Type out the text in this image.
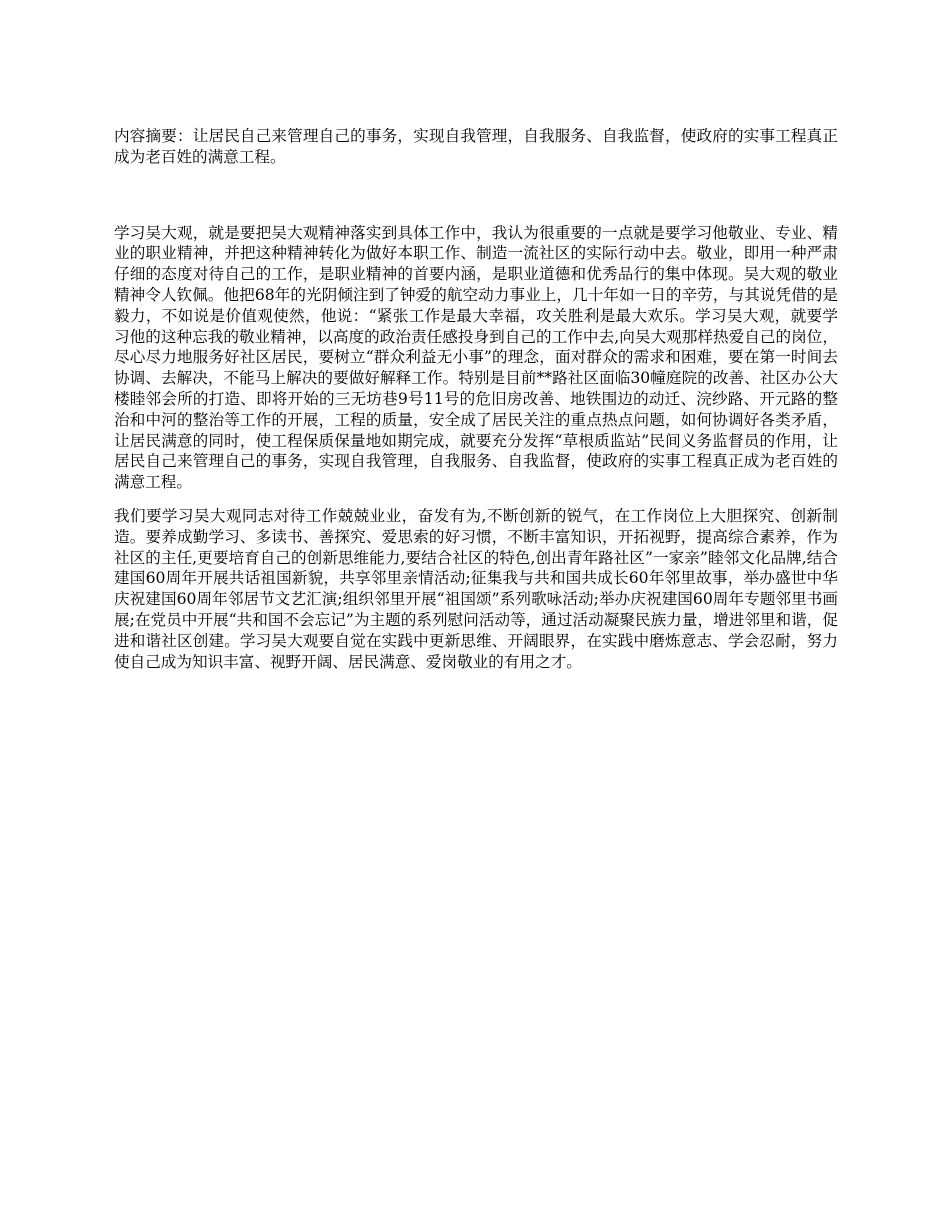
内容摘要：让居民自己来管理自己的事务，实现自我管理，自我服务、自我监督，使政府的实事工程真正成为老百姓的满意工程。

学习吴大观，就是要把吴大观精神落实到具体工作中，我认为很重要的一点就是要学习他敬业、专业、精业的职业精神，并把这种精神转化为做好本职工作、制造一流社区的实际行动中去。敬业，即用一种严肃仔细的态度对待自己的工作，是职业精神的首要内涵，是职业道德和优秀品行的集中体现。吴大观的敬业精神令人钦佩。他把68年的光阴倾注到了钟爱的航空动力事业上，几十年如一日的辛劳，与其说凭借的是毅力，不如说是价值观使然，他说：“紧张工作是最大幸福，攻关胜利是最大欢乐。学习吴大观，就要学习他的这种忘我的敬业精神，以高度的政治责任感投身到自己的工作中去,向吴大观那样热爱自己的岗位，尽心尽力地服务好社区居民，要树立“群众利益无小事”的理念，面对群众的需求和困难，要在第一时间去协调、去解决，不能马上解决的要做好解释工作。特别是目前**路社区面临30幢庭院的改善、社区办公大楼睦邻会所的打造、即将开始的三无坊巷9号11号的危旧房改善、地铁围边的动迁、浣纱路、开元路的整治和中河的整治等工作的开展，工程的质量，安全成了居民关注的重点热点问题，如何协调好各类矛盾，让居民满意的同时，使工程保质保量地如期完成，就要充分发挥“草根质监站”民间义务监督员的作用，让居民自己来管理自己的事务，实现自我管理，自我服务、自我监督，使政府的实事工程真正成为老百姓的满意工程。

我们要学习吴大观同志对待工作兢兢业业，奋发有为,不断创新的锐气，在工作岗位上大胆探究、创新制造。要养成勤学习、多读书、善探究、爱思索的好习惯，不断丰富知识，开拓视野，提高综合素养，作为社区的主任,更要培育自己的创新思维能力,要结合社区的特色,创出青年路社区”一家亲”睦邻文化品牌,结合建国60周年开展共话祖国新貌，共享邻里亲情活动;征集我与共和国共成长60年邻里故事，举办盛世中华庆祝建国60周年邻居节文艺汇演;组织邻里开展“祖国颂”系列歌咏活动;举办庆祝建国60周年专题邻里书画展;在党员中开展“共和国不会忘记”为主题的系列慰问活动等，通过活动凝聚民族力量，增进邻里和谐，促进和谐社区创建。学习吴大观要自觉在实践中更新思维、开阔眼界，在实践中磨炼意志、学会忍耐，努力使自己成为知识丰富、视野开阔、居民满意、爱岗敬业的有用之才。
